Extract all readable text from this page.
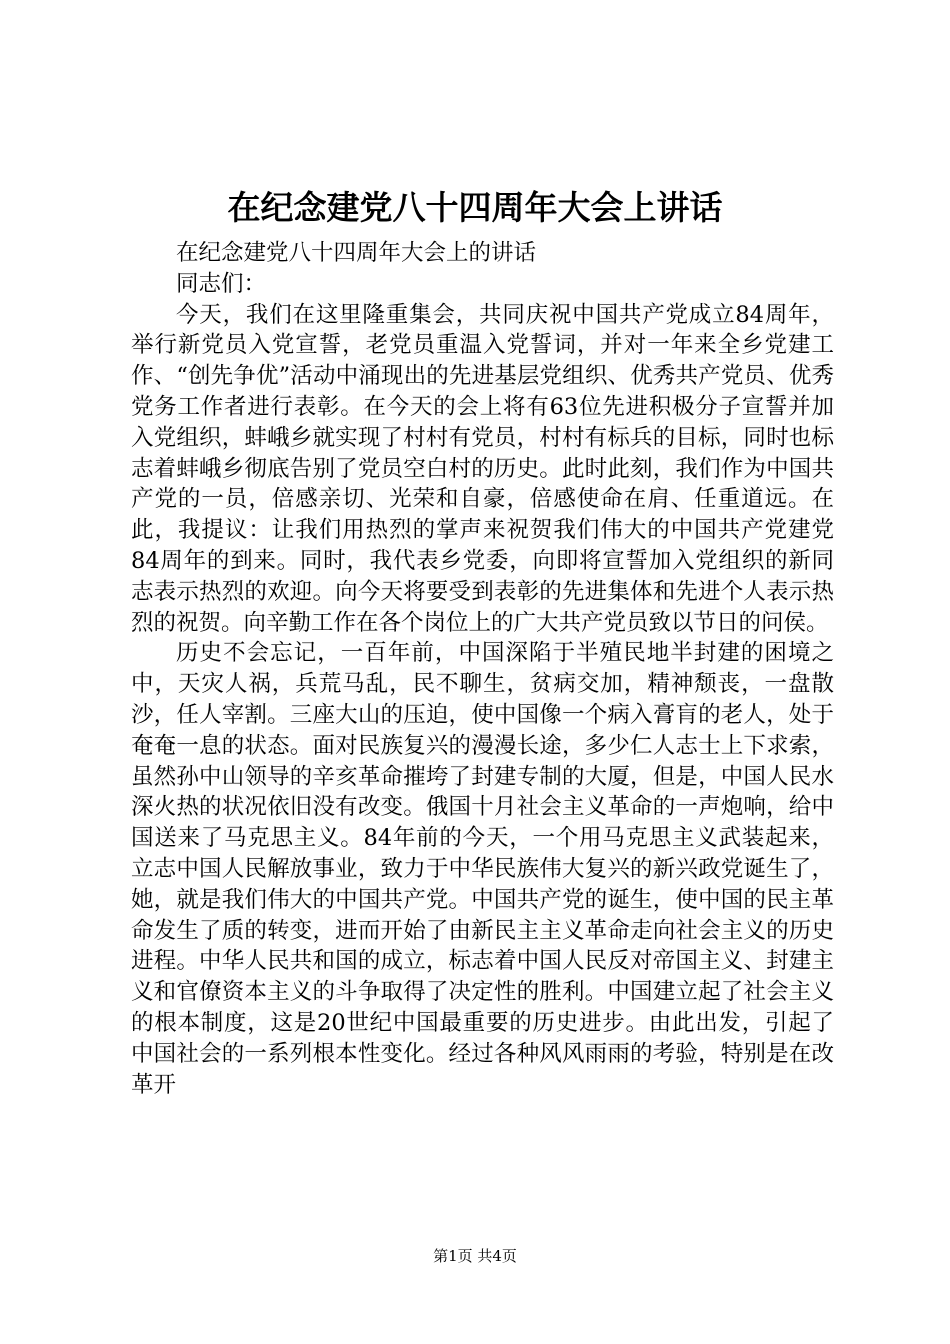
在纪念建党八十四周年大会上讲话

在纪念建党八十四周年大会上的讲话

同志们：

今天，我们在这里隆重集会，共同庆祝中国共产党成立84周年，举行新党员入党宣誓，老党员重温入党誓词，并对一年来全乡党建工作、“创先争优”活动中涌现出的先进基层党组织、优秀共产党员、优秀党务工作者进行表彰。在今天的会上将有63位先进积极分子宣誓并加入党组织，蚌峨乡就实现了村村有党员，村村有标兵的目标，同时也标志着蚌峨乡彻底告别了党员空白村的历史。此时此刻，我们作为中国共产党的一员，倍感亲切、光荣和自豪，倍感使命在肩、任重道远。在此，我提议：让我们用热烈的掌声来祝贺我们伟大的中国共产党建党84周年的到来。同时，我代表乡党委，向即将宣誓加入党组织的新同志表示热烈的欢迎。向今天将要受到表彰的先进集体和先进个人表示热烈的祝贺。向辛勤工作在各个岗位上的广大共产党员致以节日的问侯。

历史不会忘记，一百年前，中国深陷于半殖民地半封建的困境之中，天灾人祸，兵荒马乱，民不聊生，贫病交加，精神颓丧，一盘散沙，任人宰割。三座大山的压迫，使中国像一个病入膏肓的老人，处于奄奄一息的状态。面对民族复兴的漫漫长途，多少仁人志士上下求索，虽然孙中山领导的辛亥革命摧垮了封建专制的大厦，但是，中国人民水深火热的状况依旧没有改变。俄国十月社会主义革命的一声炮响，给中国送来了马克思主义。84年前的今天，一个用马克思主义武装起来，立志中国人民解放事业，致力于中华民族伟大复兴的新兴政党诞生了，她，就是我们伟大的中国共产党。中国共产党的诞生，使中国的民主革命发生了质的转变，进而开始了由新民主主义革命走向社会主义的历史进程。中华人民共和国的成立，标志着中国人民反对帝国主义、封建主义和官僚资本主义的斗争取得了决定性的胜利。中国建立起了社会主义的根本制度，这是20世纪中国最重要的历史进步。由此出发，引起了中国社会的一系列根本性变化。经过各种风风雨雨的考验，特别是在改革开

第1页 共4页
